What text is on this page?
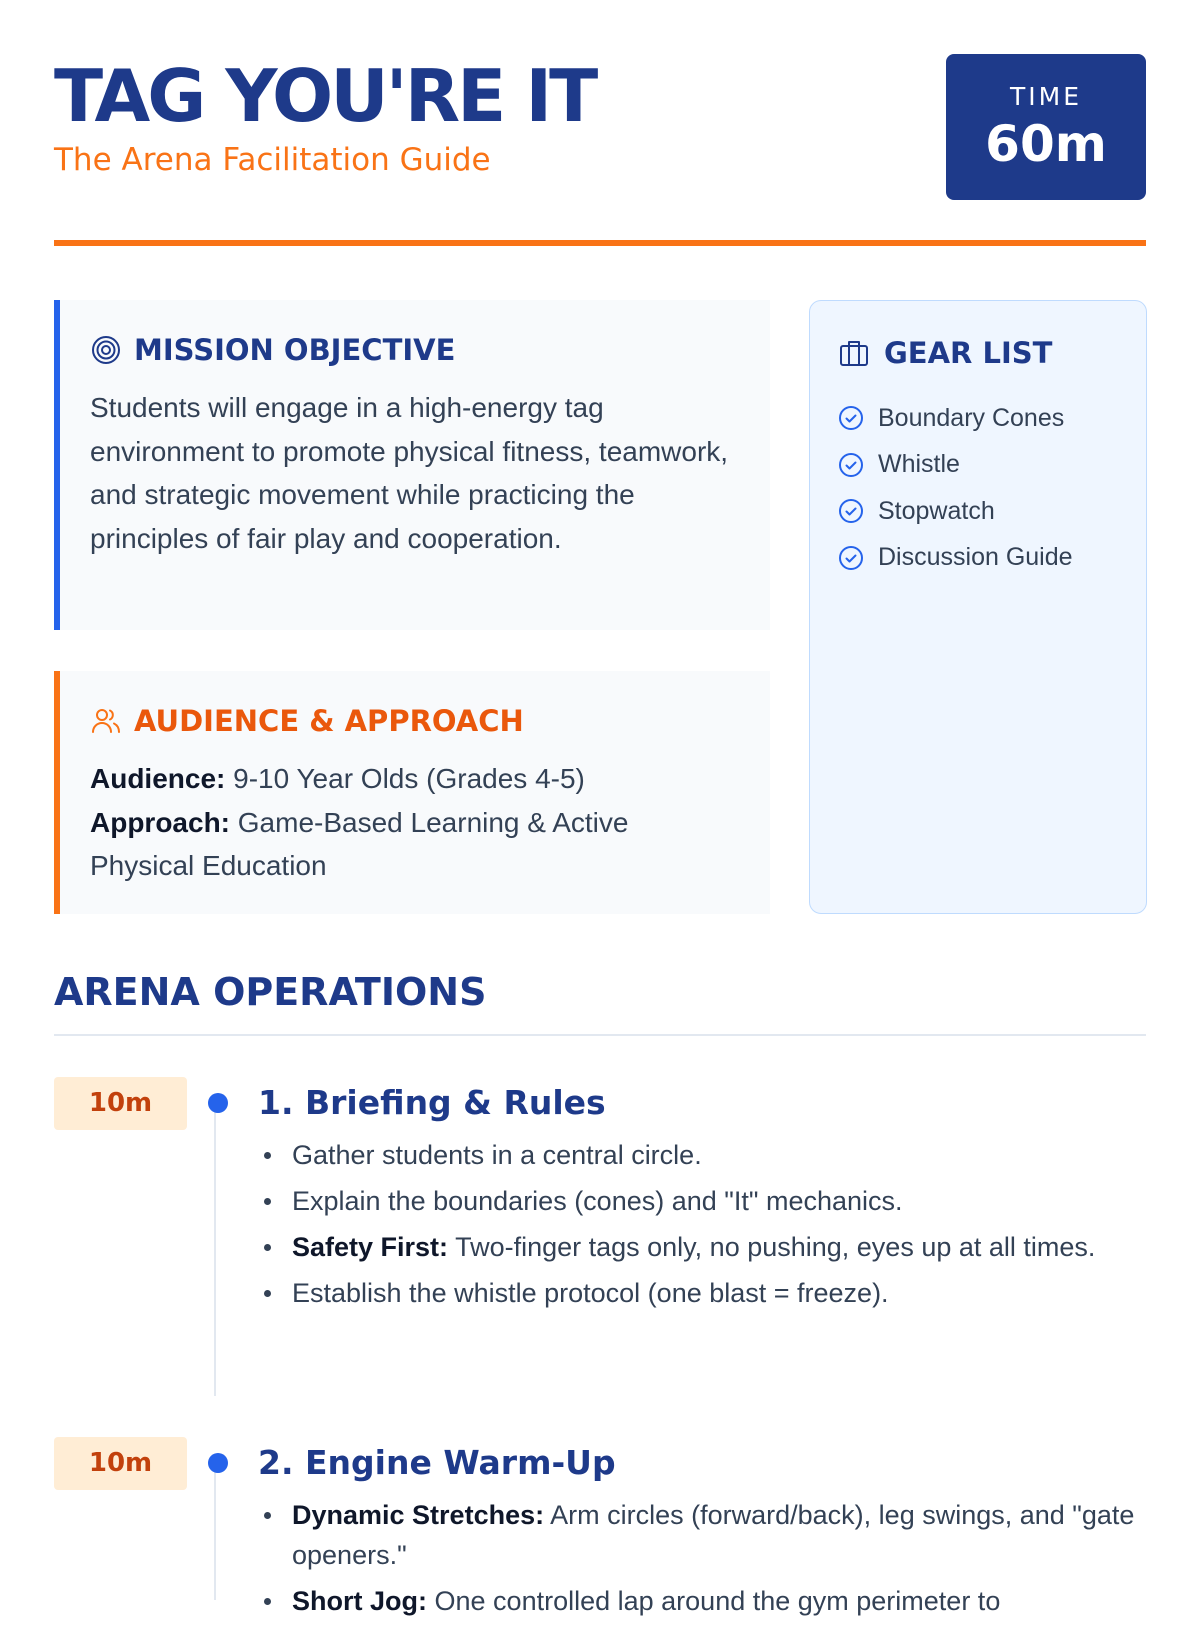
TAG YOU'RE IT
The Arena Facilitation Guide
TIME
60m
MISSION OBJECTIVE

Students will engage in a high-energy tag environment to promote physical fitness, teamwork, and strategic movement while practicing the principles of fair play and cooperation.

AUDIENCE & APPROACH
Audience: 9-10 Year Olds (Grades 4-5)
Approach: Game-Based Learning & Active Physical Education
GEAR LIST
Boundary Cones
Whistle
Stopwatch
Discussion Guide
ARENA OPERATIONS
10m	1. Briefing & Rules
Gather students in a central circle.
Explain the boundaries (cones) and "It" mechanics.
Safety First: Two-finger tags only, no pushing, eyes up at all times.
Establish the whistle protocol (one blast = freeze).
10m	2. Engine Warm-Up
Dynamic Stretches: Arm circles (forward/back), leg swings, and "gate openers."
Short Jog: One controlled lap around the gym perimeter to
